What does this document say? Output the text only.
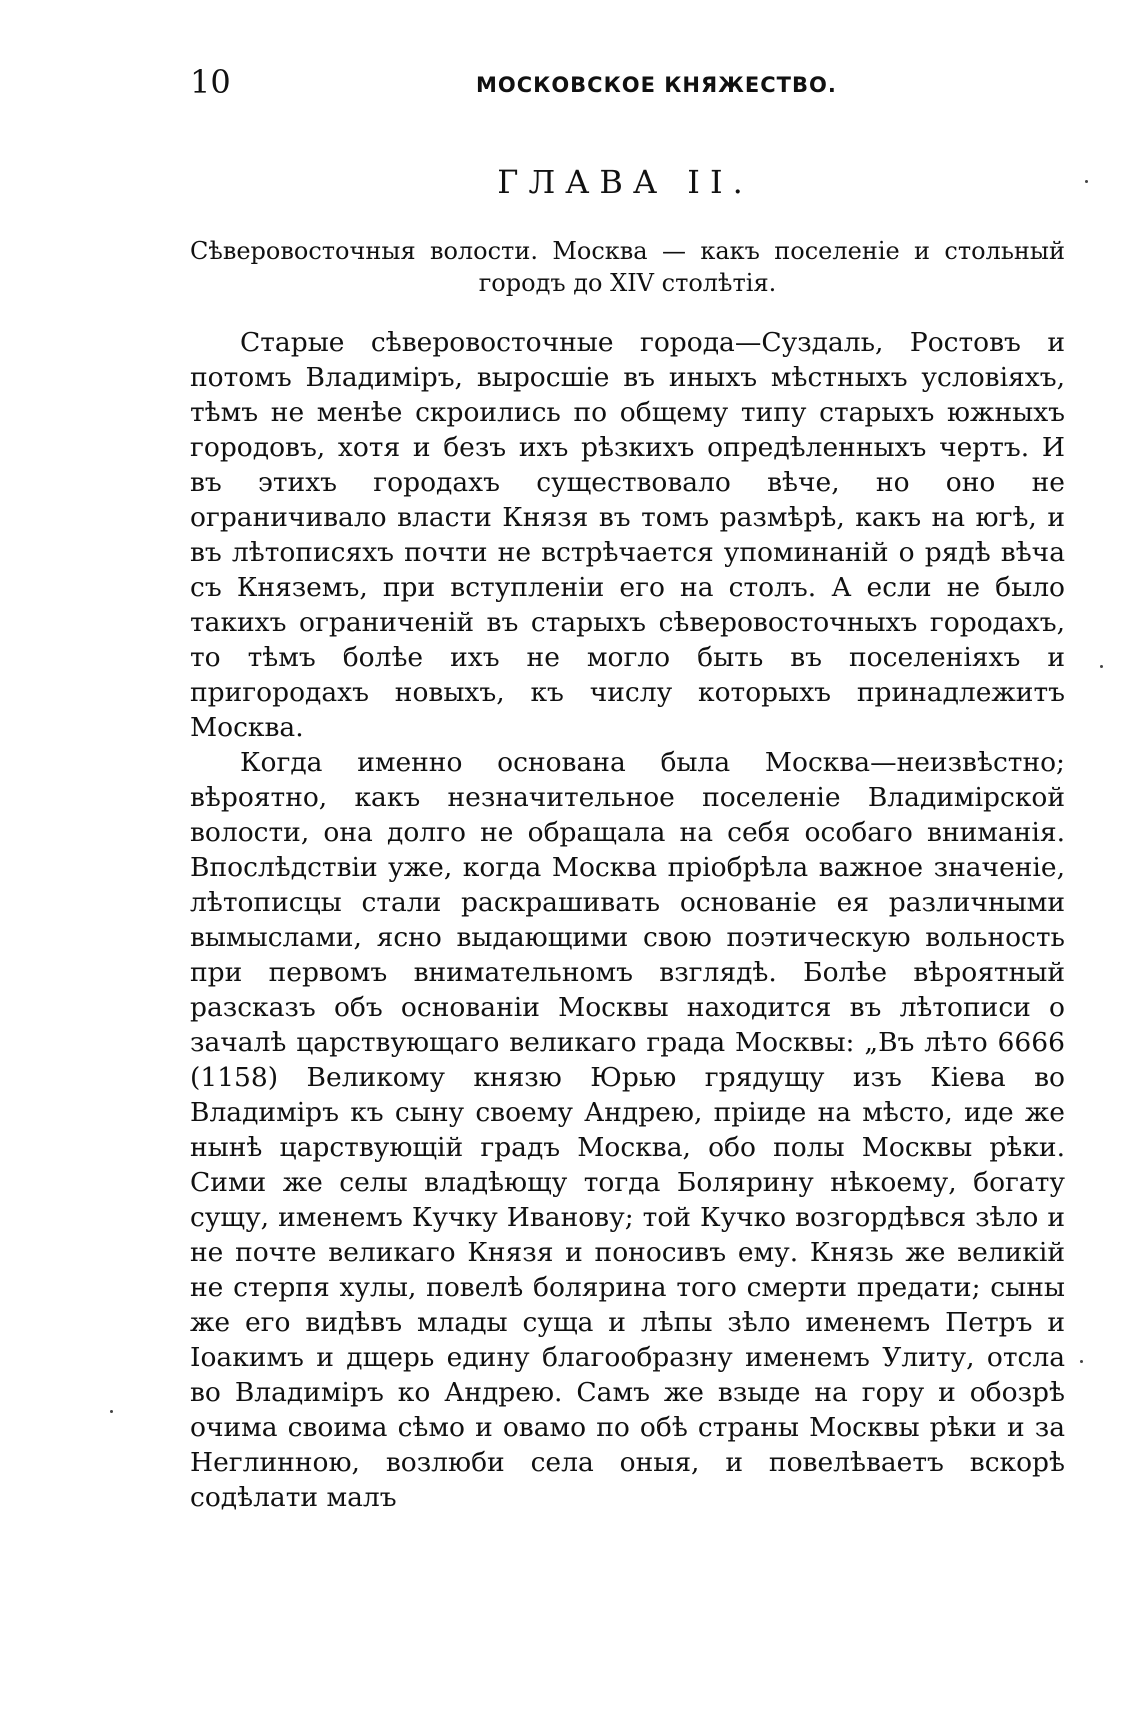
10	МОСКОВСКОЕ КНЯЖЕСТВО.
ГЛАВА II.
Сѣверовосточныя волости. Москва — какъ поселеніе и стольный городъ до XIV столѣтія.

Старые сѣверовосточные города—Суздаль, Ростовъ и потомъ Владиміръ, выросшіе въ иныхъ мѣстныхъ условіяхъ, тѣмъ не менѣе скроились по общему типу старыхъ южныхъ городовъ, хотя и безъ ихъ рѣзкихъ опредѣленныхъ чертъ. И въ этихъ городахъ существовало вѣче, но оно не ограничивало власти Князя въ томъ размѣрѣ, какъ на югѣ, и въ лѣтописяхъ почти не встрѣчается упоминаній о рядѣ вѣча съ Княземъ, при вступленіи его на столъ. А если не было такихъ ограниченій въ старыхъ сѣверовосточныхъ городахъ, то тѣмъ болѣе ихъ не могло быть въ поселеніяхъ и пригородахъ новыхъ, къ числу которыхъ принадлежитъ Москва.

Когда именно основана была Москва—неизвѣстно; вѣроятно, какъ незначительное поселеніе Владимірской волости, она долго не обращала на себя особаго вниманія. Впослѣдствіи уже, когда Москва пріобрѣла важное значеніе, лѣтописцы стали раскрашивать основаніе ея различными вымыслами, ясно выдающими свою поэтическую вольность при первомъ внимательномъ взглядѣ. Болѣе вѣроятный разсказъ объ основаніи Москвы находится въ лѣтописи о зачалѣ царствующаго великаго града Москвы: „Въ лѣто 6666 (1158) Великому князю Юрью грядущу изъ Кіева во Владиміръ къ сыну своему Андрею, пріиде на мѣсто, иде же нынѣ царствующій градъ Москва, обо полы Москвы рѣки. Сими же селы владѣющу тогда Болярину нѣкоему, богату сущу, именемъ Кучку Иванову; той Кучко возгордѣвся зѣло и не почте великаго Князя и поносивъ ему. Князь же великій не стерпя хулы, повелѣ болярина того смерти предати; сыны же его видѣвъ млады суща и лѣпы зѣло именемъ Петръ и Іоакимъ и дщерь едину благообразну именемъ Улиту, отсла во Владиміръ ко Андрею. Самъ же взыде на гору и обозрѣ очима своима сѣмо и овамо по обѣ страны Москвы рѣки и за Неглинною, возлюби села оныя, и повелѣваетъ вскорѣ содѣлати малъ
